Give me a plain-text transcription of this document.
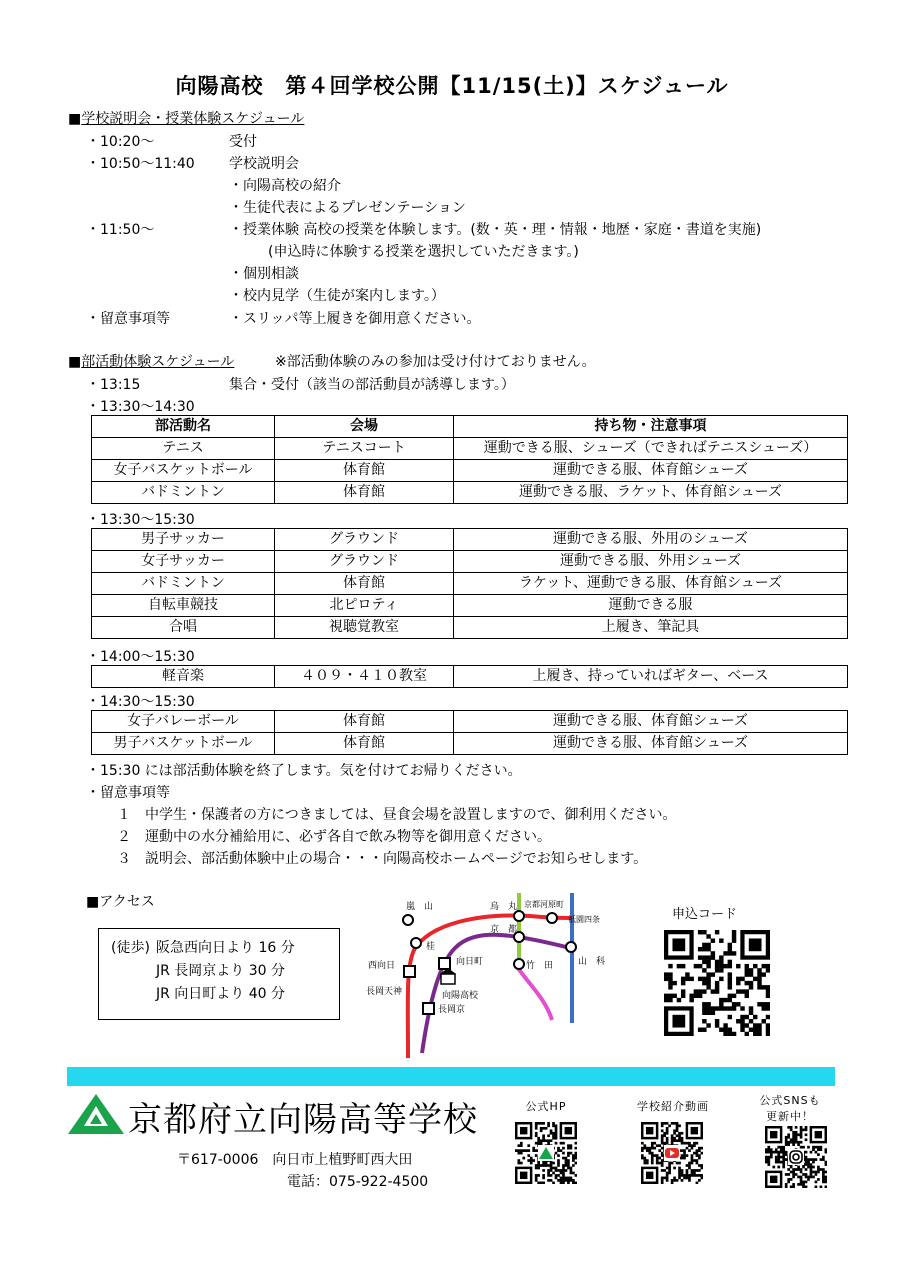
向陽高校　第４回学校公開【11/15(土)】スケジュール
■学校説明会・授業体験スケジュール
・10:20～	受付
・10:50～11:40 学校説明会
・向陽高校の紹介
・生徒代表によるプレゼンテーション
・11:50～	・授業体験 高校の授業を体験します。(数・英・理・情報・地歴・家庭・書道を実施)
(申込時に体験する授業を選択していただきます。)
・個別相談
・校内見学（生徒が案内します。）
・留意事項等	・スリッパ等上履きを御用意ください。
■部活動体験スケジュール	※部活動体験のみの参加は受け付けておりません。
・13:15	集合・受付（該当の部活動員が誘導します。）
・13:30～14:30
部活動名	会場	持ち物・注意事項
テニス	テニスコート	運動できる服、シューズ（できればテニスシューズ）
女子バスケットボール	体育館	運動できる服、体育館シューズ
バドミントン	体育館	運動できる服、ラケット、体育館シューズ
・13:30～15:30
男子サッカー	グラウンド	運動できる服、外用のシューズ
女子サッカー	グラウンド	運動できる服、外用シューズ
バドミントン	体育館	ラケット、運動できる服、体育館シューズ
自転車競技	北ピロティ	運動できる服
合唱	視聴覚教室	上履き、筆記具
・14:00～15:30
軽音楽	４０９・４１０教室	上履き、持っていればギター、ベース
・14:30～15:30
女子バレーボール	体育館	運動できる服、体育館シューズ
男子バスケットボール	体育館	運動できる服、体育館シューズ
・15:30 には部活動体験を終了します。気を付けてお帰りください。
・留意事項等
１ 中学生・保護者の方につきましては、昼食会場を設置しますので、御利用ください。
２ 運動中の水分補給用に、必ず各自で飲み物等を御用意ください。
３ 説明会、部活動体験中止の場合・・・向陽高校ホームページでお知らせします。
■アクセス
(徒歩) 阪急西向日より 16 分
JR 長岡京より 30 分
JR 向日町より 40 分
嵐　山
桂
西向日
長岡天神
烏　丸 京都河原町
祇園四条
京　都
山　科
向日町	竹　田
向陽高校
長岡京
申込コード
京都府立向陽高等学校
〒617-0006　向日市上植野町西大田
電話：075-922-4500
公式HP	学校紹介動画	公式SNSも
更新中！
